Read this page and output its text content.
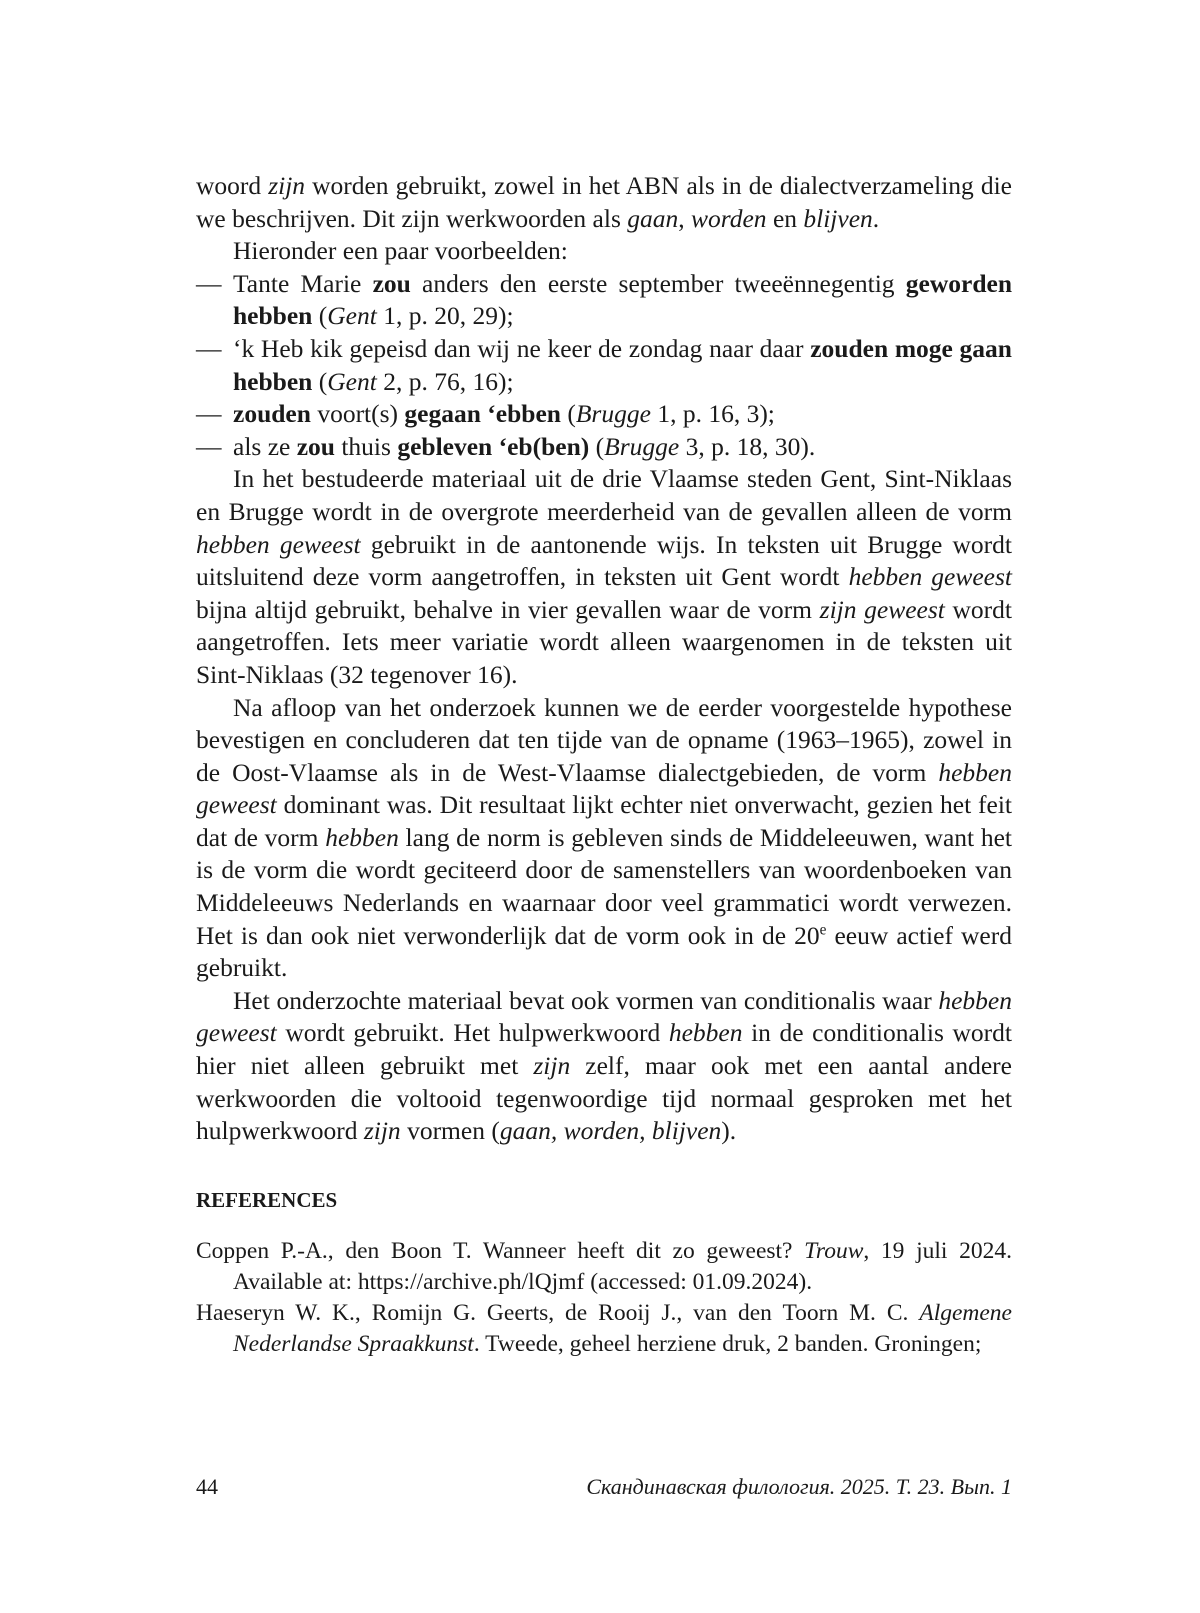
woord zijn worden gebruikt, zowel in het ABN als in de dialectverzameling die we beschrijven. Dit zijn werkwoorden als gaan, worden en blijven.

Hieronder een paar voorbeelden:

— Tante Marie zou anders den eerste september tweeënnegentig geworden hebben (Gent 1, p. 20, 29);

— ‘k Heb kik gepeisd dan wij ne keer de zondag naar daar zouden moge gaan hebben (Gent 2, p. 76, 16);

— zouden voort(s) gegaan ‘ebben (Brugge 1, p. 16, 3);

— als ze zou thuis gebleven ‘eb(ben) (Brugge 3, p. 18, 30).

In het bestudeerde materiaal uit de drie Vlaamse steden Gent, Sint-Niklaas en Brugge wordt in de overgrote meerderheid van de gevallen alleen de vorm hebben geweest gebruikt in de aantonende wijs. In teksten uit Brugge wordt uitsluitend deze vorm aangetroffen, in teksten uit Gent wordt hebben geweest bijna altijd gebruikt, behalve in vier gevallen waar de vorm zijn geweest wordt aangetroffen. Iets meer variatie wordt alleen waargenomen in de teksten uit Sint-Niklaas (32 tegenover 16).

Na afloop van het onderzoek kunnen we de eerder voorgestelde hypothese bevestigen en concluderen dat ten tijde van de opname (1963–1965), zowel in de Oost-Vlaamse als in de West-Vlaamse dialectgebieden, de vorm hebben geweest dominant was. Dit resultaat lijkt echter niet onverwacht, gezien het feit dat de vorm hebben lang de norm is gebleven sinds de Middeleeuwen, want het is de vorm die wordt geciteerd door de samenstellers van woordenboeken van Middeleeuws Nederlands en waarnaar door veel grammatici wordt verwezen. Het is dan ook niet verwonderlijk dat de vorm ook in de 20e eeuw actief werd gebruikt.

Het onderzochte materiaal bevat ook vormen van conditionalis waar hebben geweest wordt gebruikt. Het hulpwerkwoord hebben in de conditionalis wordt hier niet alleen gebruikt met zijn zelf, maar ook met een aantal andere werkwoorden die voltooid tegenwoordige tijd normaal gesproken met het hulpwerkwoord zijn vormen (gaan, worden, blijven).

REFERENCES

Coppen P.-A., den Boon T. Wanneer heeft dit zo geweest? Trouw, 19 juli 2024. Available at: https://archive.ph/lQjmf (accessed: 01.09.2024).

Haeseryn W. K., Romijn G. Geerts, de Rooij J., van den Toorn M. C. Algemene Nederlandse Spraakkunst. Tweede, geheel herziene druk, 2 banden. Groningen;

44	Скандинавская филология. 2025. Т. 23. Вып. 1
